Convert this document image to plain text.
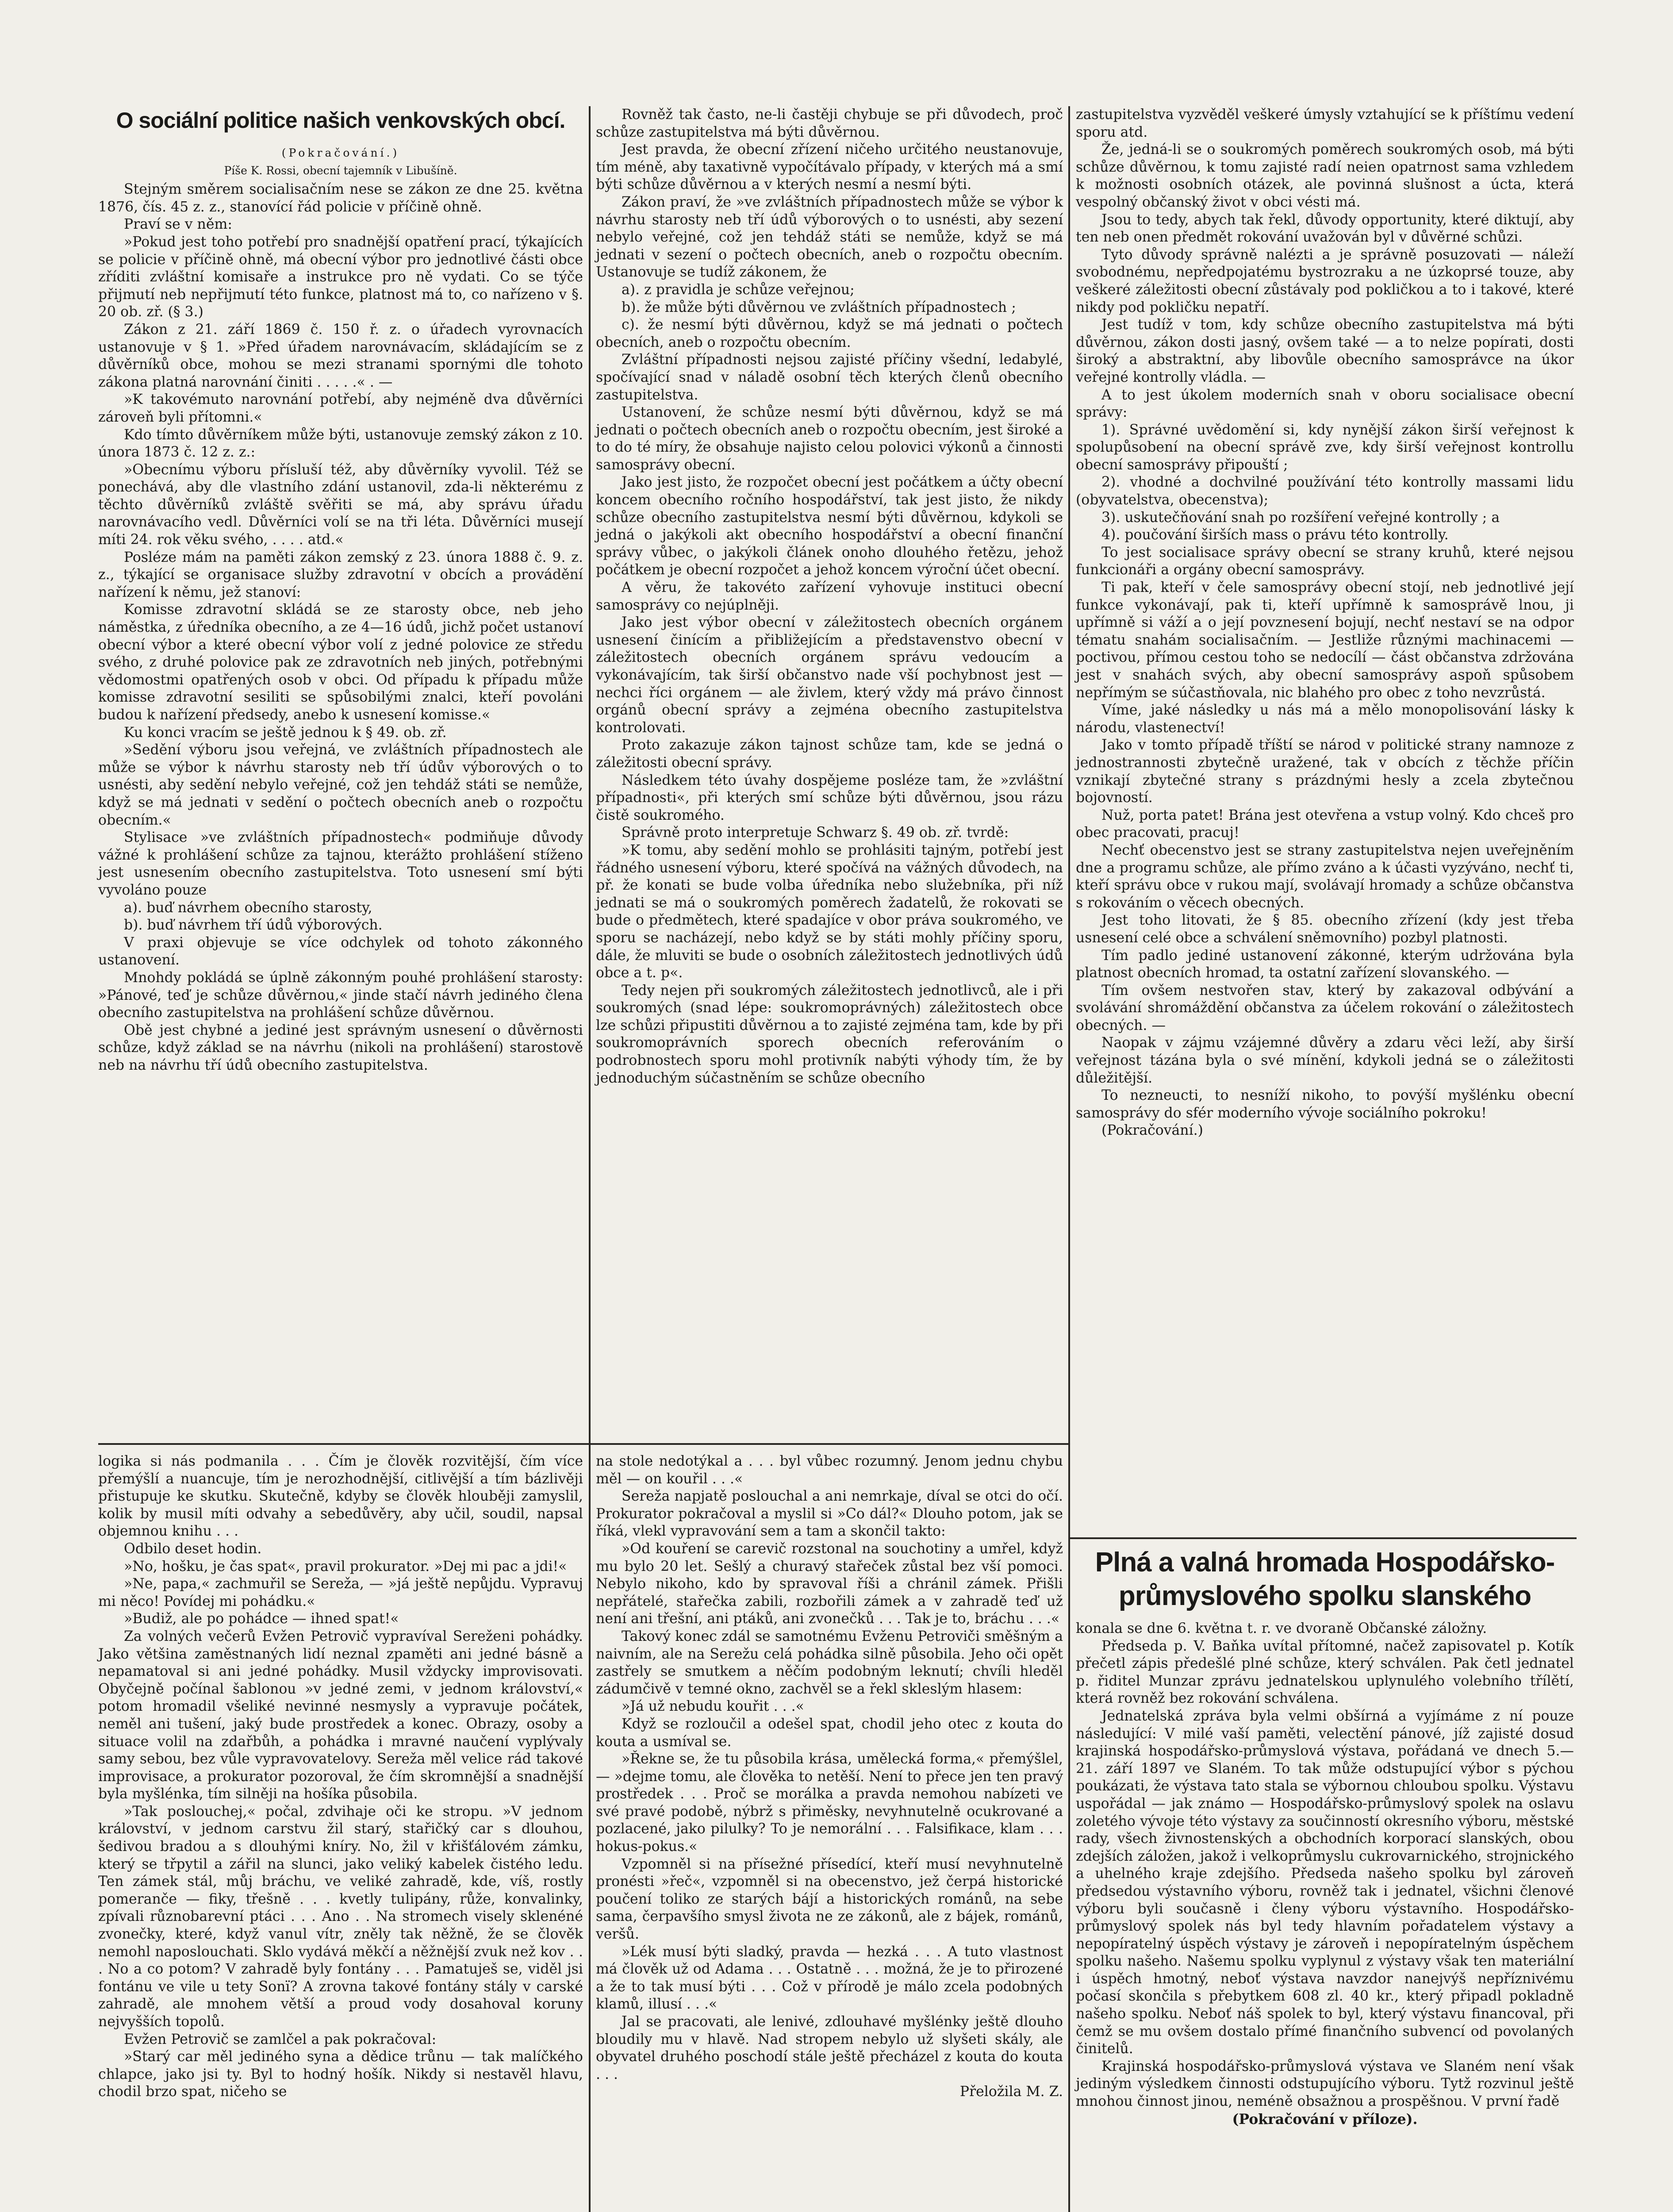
O sociální politice našich venkovských obcí.

(Pokračování.)

Píše K. Rossi, obecní tajemník v Libušíně.

Stejným směrem socialisačním nese se zákon ze dne 25. května 1876, čís. 45 z. z., stanovící řád policie v příčině ohně.

Praví se v něm:

»Pokud jest toho potřebí pro snadnější opatření prací, týkajících se policie v příčině ohně, má obecní výbor pro jednotlivé části obce zříditi zvláštní komisaře a instrukce pro ně vydati. Co se týče přijmutí neb nepřijmutí této funkce, platnost má to, co nařízeno v §. 20 ob. zř. (§ 3.)

Zákon z 21. září 1869 č. 150 ř. z. o úřadech vyrovnacích ustanovuje v § 1. »Před úřadem narovnávacím, skládajícím se z důvěrníků obce, mohou se mezi stranami spornými dle tohoto zákona platná narovnání činiti . . . . .« . —

»K takovémuto narovnání potřebí, aby nejméně dva důvěrníci zároveň byli přítomni.«

Kdo tímto důvěrníkem může býti, ustanovuje zemský zákon z 10. února 1873 č. 12 z. z.:

»Obecnímu výboru přísluší též, aby důvěrníky vyvolil. Též se ponechává, aby dle vlastního zdání ustanovil, zda-li některému z těchto důvěrníků zvláště svěřiti se má, aby správu úřadu narovnávacího vedl. Důvěrníci volí se na tři léta. Důvěrníci musejí míti 24. rok věku svého, . . . . atd.«

Posléze mám na paměti zákon zemský z 23. února 1888 č. 9. z. z., týkající se organisace služby zdravotní v obcích a provádění nařízení k němu, jež stanoví:

Komisse zdravotní skládá se ze starosty obce, neb jeho náměstka, z úředníka obecního, a ze 4—16 údů, jichž počet ustanoví obecní výbor a které obecní výbor volí z jedné polovice ze středu svého, z druhé polovice pak ze zdravotních neb jiných, potřebnými vědomostmi opatřených osob v obci. Od případu k případu může komisse zdravotní sesiliti se spůsobilými znalci, kteří povoláni budou k nařízení předsedy, anebo k usnesení komisse.«

Ku konci vracím se ještě jednou k § 49. ob. zř.

»Sedění výboru jsou veřejná, ve zvláštních případnostech ale může se výbor k návrhu starosty neb tří údův výborových o to usnésti, aby sedění nebylo veřejné, což jen tehdáž státi se nemůže, když se má jednati v sedění o počtech obecních aneb o rozpočtu obecním.«

Stylisace »ve zvláštních případnostech« podmiňuje důvody vážné k prohlášení schůze za tajnou, kterážto prohlášení stíženo jest usnesením obecního zastupitelstva. Toto usnesení smí býti vyvoláno pouze

a). buď návrhem obecního starosty,

b). buď návrhem tří údů výborových.

V praxi objevuje se více odchylek od tohoto zákonného ustanovení.

Mnohdy pokládá se úplně zákonným pouhé prohlášení starosty: »Pánové, teď je schůze důvěrnou,« jinde stačí návrh jediného člena obecního zastupitelstva na prohlášení schůze důvěrnou.

Obě jest chybné a jediné jest správným usnesení o důvěrnosti schůze, když základ se na návrhu (nikoli na prohlášení) starostově neb na návrhu tří údů obecního zastupitelstva.

Rovněž tak často, ne-li častěji chybuje se při důvodech, proč schůze zastupitelstva má býti důvěrnou.

Jest pravda, že obecní zřízení ničeho určitého neustanovuje, tím méně, aby taxativně vypočítávalo případy, v kterých má a smí býti schůze důvěrnou a v kterých nesmí a nesmí býti.

Zákon praví, že »ve zvláštních případnostech může se výbor k návrhu starosty neb tří údů výborových o to usnésti, aby sezení nebylo veřejné, což jen tehdáž státi se nemůže, když se má jednati v sezení o počtech obecních, aneb o rozpočtu obecním. Ustanovuje se tudíž zákonem, že

a). z pravidla je schůze veřejnou;

b). že může býti důvěrnou ve zvláštních případnostech ;

c). že nesmí býti důvěrnou, když se má jednati o počtech obecních, aneb o rozpočtu obecním.

Zvláštní případnosti nejsou zajisté příčiny všední, ledabylé, spočívající snad v náladě osobní těch kterých členů obecního zastupitelstva.

Ustanovení, že schůze nesmí býti důvěrnou, když se má jednati o počtech obecních aneb o rozpočtu obecním, jest široké a to do té míry, že obsahuje najisto celou polovici výkonů a činnosti samosprávy obecní.

Jako jest jisto, že rozpočet obecní jest počátkem a účty obecní koncem obecního ročního hospodářství, tak jest jisto, že nikdy schůze obecního zastupitelstva nesmí býti důvěrnou, kdykoli se jedná o jakýkoli akt obecního hospodářství a obecní finanční správy vůbec, o jakýkoli článek onoho dlouhého řetězu, jehož počátkem je obecní rozpočet a jehož koncem výroční účet obecní.

A věru, že takovéto zařízení vyhovuje instituci obecní samosprávy co nejúplněji.

Jako jest výbor obecní v záležitostech obecních orgánem usnesení činícím a přibližejícím a představenstvo obecní v záležitostech obecních orgánem správu vedoucím a vykonávajícím, tak širší občanstvo nade vší pochybnost jest — nechci říci orgánem — ale živlem, který vždy má právo činnost orgánů obecní správy a zejména obecního zastupitelstva kontrolovati.

Proto zakazuje zákon tajnost schůze tam, kde se jedná o záležitosti obecní správy.

Následkem této úvahy dospějeme posléze tam, že »zvláštní případnosti«, při kterých smí schůze býti důvěrnou, jsou rázu čistě soukromého.

Správně proto interpretuje Schwarz §. 49 ob. zř. tvrdě:

»K tomu, aby sedění mohlo se prohlásiti tajným, potřebí jest řádného usnesení výboru, které spočívá na vážných důvodech, na př. že konati se bude volba úředníka nebo služebníka, při níž jednati se má o soukromých poměrech žadatelů, že rokovati se bude o předmětech, které spadajíce v obor práva soukromého, ve sporu se nacházejí, nebo když se by státi mohly příčiny sporu, dále, že mluviti se bude o osobních záležitostech jednotlivých údů obce a t. p«.

Tedy nejen při soukromých záležitostech jednotlivců, ale i při soukromých (snad lépe: soukromoprávných) záležitostech obce lze schůzi připustiti důvěrnou a to zajisté zejména tam, kde by při soukromoprávních sporech obecních referováním o podrobnostech sporu mohl protivník nabýti výhody tím, že by jednoduchým súčastněním se schůze obecního

zastupitelstva vyzvěděl veškeré úmysly vztahující se k příštímu vedení sporu atd.

Že, jedná-li se o soukromých poměrech soukromých osob, má býti schůze důvěrnou, k tomu zajisté radí neien opatrnost sama vzhledem k možnosti osobních otázek, ale povinná slušnost a úcta, která vespolný občanský život v obci vésti má.

Jsou to tedy, abych tak řekl, důvody opportunity, které diktují, aby ten neb onen předmět rokování uvažován byl v důvěrné schůzi.

Tyto důvody správně nalézti a je správně posuzovati — náleží svobodnému, nepředpojatému bystrozraku a ne úzkoprsé touze, aby veškeré záležitosti obecní zůstávaly pod pokličkou a to i takové, které nikdy pod pokličku nepatří.

Jest tudíž v tom, kdy schůze obecního zastupitelstva má býti důvěrnou, zákon dosti jasný, ovšem také — a to nelze popírati, dosti široký a abstraktní, aby libovůle obecního samosprávce na úkor veřejné kontrolly vládla. —

A to jest úkolem moderních snah v oboru socialisace obecní správy:

1). Správné uvědomění si, kdy nynější zákon širší veřejnost k spolupůsobení na obecní správě zve, kdy širší veřejnost kontrollu obecní samosprávy připouští ;

2). vhodné a dochvilné používání této kontrolly massami lidu (obyvatelstva, obecenstva);

3). uskutečňování snah po rozšíření veřejné kontrolly ; a

4). poučování širších mass o právu této kontrolly.

To jest socialisace správy obecní se strany kruhů, které nejsou funkcionáři a orgány obecní samosprávy.

Ti pak, kteří v čele samosprávy obecní stojí, neb jednotlivé její funkce vykonávají, pak ti, kteří upřímně k samosprávě lnou, ji upřímně si váží a o její povznesení bojují, nechť nestaví se na odpor tématu snahám socialisačním. — Jestliže různými machinacemi — poctivou, přímou cestou toho se nedocílí — část občanstva zdržována jest v snahách svých, aby obecní samosprávy aspoň spůsobem nepřímým se súčastňovala, nic blahého pro obec z toho nevzrůstá.

Víme, jaké následky u nás má a mělo monopolisování lásky k národu, vlastenectví!

Jako v tomto případě tříští se národ v politické strany namnoze z jednostrannosti zbytečně uražené, tak v obcích z těchže příčin vznikají zbytečné strany s prázdnými hesly a zcela zbytečnou bojovností.

Nuž, porta patet! Brána jest otevřena a vstup volný. Kdo chceš pro obec pracovati, pracuj!

Nechť obecenstvo jest se strany zastupitelstva nejen uveřejněním dne a programu schůze, ale přímo zváno a k účasti vyzýváno, nechť ti, kteří správu obce v rukou mají, svolávají hromady a schůze občanstva s rokováním o věcech obecných.

Jest toho litovati, že § 85. obecního zřízení (kdy jest třeba usnesení celé obce a schválení sněmovního) pozbyl platnosti.

Tím padlo jediné ustanovení zákonné, kterým udržována byla platnost obecních hromad, ta ostatní zařízení slovanského. —

Tím ovšem nestvořen stav, který by zakazoval odbývání a svolávání shromáždění občanstva za účelem rokování o záležitostech obecných. —

Naopak v zájmu vzájemné důvěry a zdaru věci leží, aby širší veřejnost tázána byla o své mínění, kdykoli jedná se o záležitosti důležitější.

To nezneucti, to nesníží nikoho, to povýší myšlénku obecní samosprávy do sfér moderního vývoje sociálního pokroku!

(Pokračování.)

logika si nás podmanila . . . Čím je člověk rozvitější, čím více přemýšlí a nuancuje, tím je nerozhodnější, citlivější a tím bázlivěji přistupuje ke skutku. Skutečně, kdyby se člověk hlouběji zamyslil, kolik by musil míti odvahy a sebedůvěry, aby učil, soudil, napsal objemnou knihu . . .

Odbilo deset hodin.

»No, hošku, je čas spat«, pravil prokurator. »Dej mi pac a jdi!«

»Ne, papa,« zachmuřil se Sereža, — »já ještě nepůjdu. Vypravuj mi něco! Povídej mi pohádku.«

»Budiž, ale po pohádce — ihned spat!«

Za volných večerů Evžen Petrovič vypravíval Sereženi pohádky. Jako většina zaměstnaných lidí neznal zpaměti ani jedné básně a nepamatoval si ani jedné pohádky. Musil vždycky improvisovati. Obyčejně počínal šablonou »v jedné zemi, v jednom království,« potom hromadil všeliké nevinné nesmysly a vypravuje počátek, neměl ani tušení, jaký bude prostředek a konec. Obrazy, osoby a situace volil na zdařbůh, a pohádka i mravné naučení vyplývaly samy sebou, bez vůle vypravovatelovy. Sereža měl velice rád takové improvisace, a prokurator pozoroval, že čím skromnější a snadnější byla myšlénka, tím silněji na hošíka působila.

»Tak poslouchej,« počal, zdvihaje oči ke stropu. »V jednom království, v jednom carstvu žil starý, stařičký car s dlouhou, šedivou bradou a s dlouhými kníry. No, žil v křišťálovém zámku, který se třpytil a zářil na slunci, jako veliký kabelek čistého ledu. Ten zámek stál, můj bráchu, ve veliké zahradě, kde, víš, rostly pomeranče — fiky, třešně . . . kvetly tulipány, růže, konvalinky, zpívali různobarevní ptáci . . . Ano . . Na stromech visely sklenéné zvonečky, které, když vanul vítr, zněly tak něžně, že se člověk nemohl naposlouchati. Sklo vydává měkčí a něžnější zvuk než kov . . . No a co potom? V zahradě byly fontány . . . Pamatuješ se, viděl jsi fontánu ve vile u tety Sonï? A zrovna takové fontány stály v carské zahradě, ale mnohem větší a proud vody dosahoval koruny nejvyšších topolů.

Evžen Petrovič se zamlčel a pak pokračoval:

»Starý car měl jediného syna a dědice trůnu — tak malíčkého chlapce, jako jsi ty. Byl to hodný hošík. Nikdy si nestavěl hlavu, chodil brzo spat, ničeho se

na stole nedotýkal a . . . byl vůbec rozumný. Jenom jednu chybu měl — on kouřil . . .«

Sereža napjatě poslouchal a ani nemrkaje, díval se otci do očí. Prokurator pokračoval a myslil si »Co dál?« Dlouho potom, jak se říká, vlekl vypravování sem a tam a skončil takto:

»Od kouření se carevič rozstonal na souchotiny a umřel, když mu bylo 20 let. Sešlý a churavý stařeček zůstal bez vší pomoci. Nebylo nikoho, kdo by spravoval říši a chránil zámek. Přišli nepřátelé, stařečka zabili, rozbořili zámek a v zahradě teď už není ani třešní, ani ptáků, ani zvonečků . . . Tak je to, bráchu . . .«

Takový konec zdál se samotnému Evženu Petroviči směšným a naivním, ale na Serežu celá pohádka silně působila. Jeho oči opět zastřely se smutkem a něčím podobným leknutí; chvíli hleděl zádumčivě v temné okno, zachvěl se a řekl skleslým hlasem:

»Já už nebudu kouřit . . .«

Když se rozloučil a odešel spat, chodil jeho otec z kouta do kouta a usmíval se.

»Řekne se, že tu působila krása, umělecká forma,« přemýšlel, — »dejme tomu, ale člověka to netěší. Není to přece jen ten pravý prostředek . . . Proč se morálka a pravda nemohou nabízeti ve své pravé podobě, nýbrž s přiměsky, nevyhnutelně ocukrované a pozlacené, jako pilulky? To je nemorální . . . Falsifikace, klam . . . hokus-pokus.«

Vzpomněl si na přísežné přísedící, kteří musí nevyhnutelně pronésti »řeč«, vzpomněl si na obecenstvo, jež čerpá historické poučení toliko ze starých bájí a historických románů, na sebe sama, čerpavšího smysl života ne ze zákonů, ale z bájek, románů, veršů.

»Lék musí býti sladký, pravda — hezká . . . A tuto vlastnost má člověk už od Adama . . . Ostatně . . . možná, že je to přirozené a že to tak musí býti . . . Což v přírodě je málo zcela podobných klamů, illusí . . .«

Jal se pracovati, ale lenivé, zdlouhavé myšlénky ještě dlouho bloudily mu v hlavě. Nad stropem nebylo už slyšeti skály, ale obyvatel druhého poschodí stále ještě přecházel z kouta do kouta . . .

Přeložila M. Z.

Plná a valná hromada Hospodářsko-průmyslového spolku slanského

konala se dne 6. května t. r. ve dvoraně Občanské záložny.

Předseda p. V. Baňka uvítal přítomné, načež zapisovatel p. Kotík přečetl zápis předešlé plné schůze, který schválen. Pak četl jednatel p. řiditel Munzar zprávu jednatelskou uplynulého volebního třílětí, která rovněž bez rokování schválena.

Jednatelská zpráva byla velmi obšírná a vyjímáme z ní pouze následující: V milé vaší paměti, velectění pánové, jíž zajisté dosud krajinská hospodářsko-průmyslová výstava, pořádaná ve dnech 5.—21. září 1897 ve Slaném. To tak může odstupující výbor s pýchou poukázati, že výstava tato stala se výbornou chloubou spolku. Výstavu uspořádal — jak známo — Hospodářsko-průmyslový spolek na oslavu zoletého vývoje této výstavy za součinností okresního výboru, městské rady, všech živnostenských a obchodních korporací slanských, obou zdejších záložen, jakož i velkoprůmyslu cukrovarnického, strojnického a uhelného kraje zdejšího. Předseda našeho spolku byl zároveň předsedou výstavního výboru, rovněž tak i jednatel, všichni členové výboru byli současně i členy výboru výstavního. Hospodářsko-průmyslový spolek nás byl tedy hlavním pořadatelem výstavy a nepopíratelný úspěch výstavy je zároveň i nepopíratelným úspěchem spolku našeho. Našemu spolku vyplynul z výstavy však ten materiální i úspěch hmotný, neboť výstava navzdor nanejvýš nepříznivému počasí skončila s přebytkem 608 zl. 40 kr., který připadl pokladně našeho spolku. Neboť náš spolek to byl, který výstavu financoval, při čemž se mu ovšem dostalo přímé finančního subvencí od povolaných činitelů.

Krajinská hospodářsko-průmyslová výstava ve Slaném není však jediným výsledkem činnosti odstupujícího výboru. Tytž rozvinul ještě mnohou činnost jinou, neméně obsažnou a prospěšnou. V první řadě

(Pokračování v příloze).
